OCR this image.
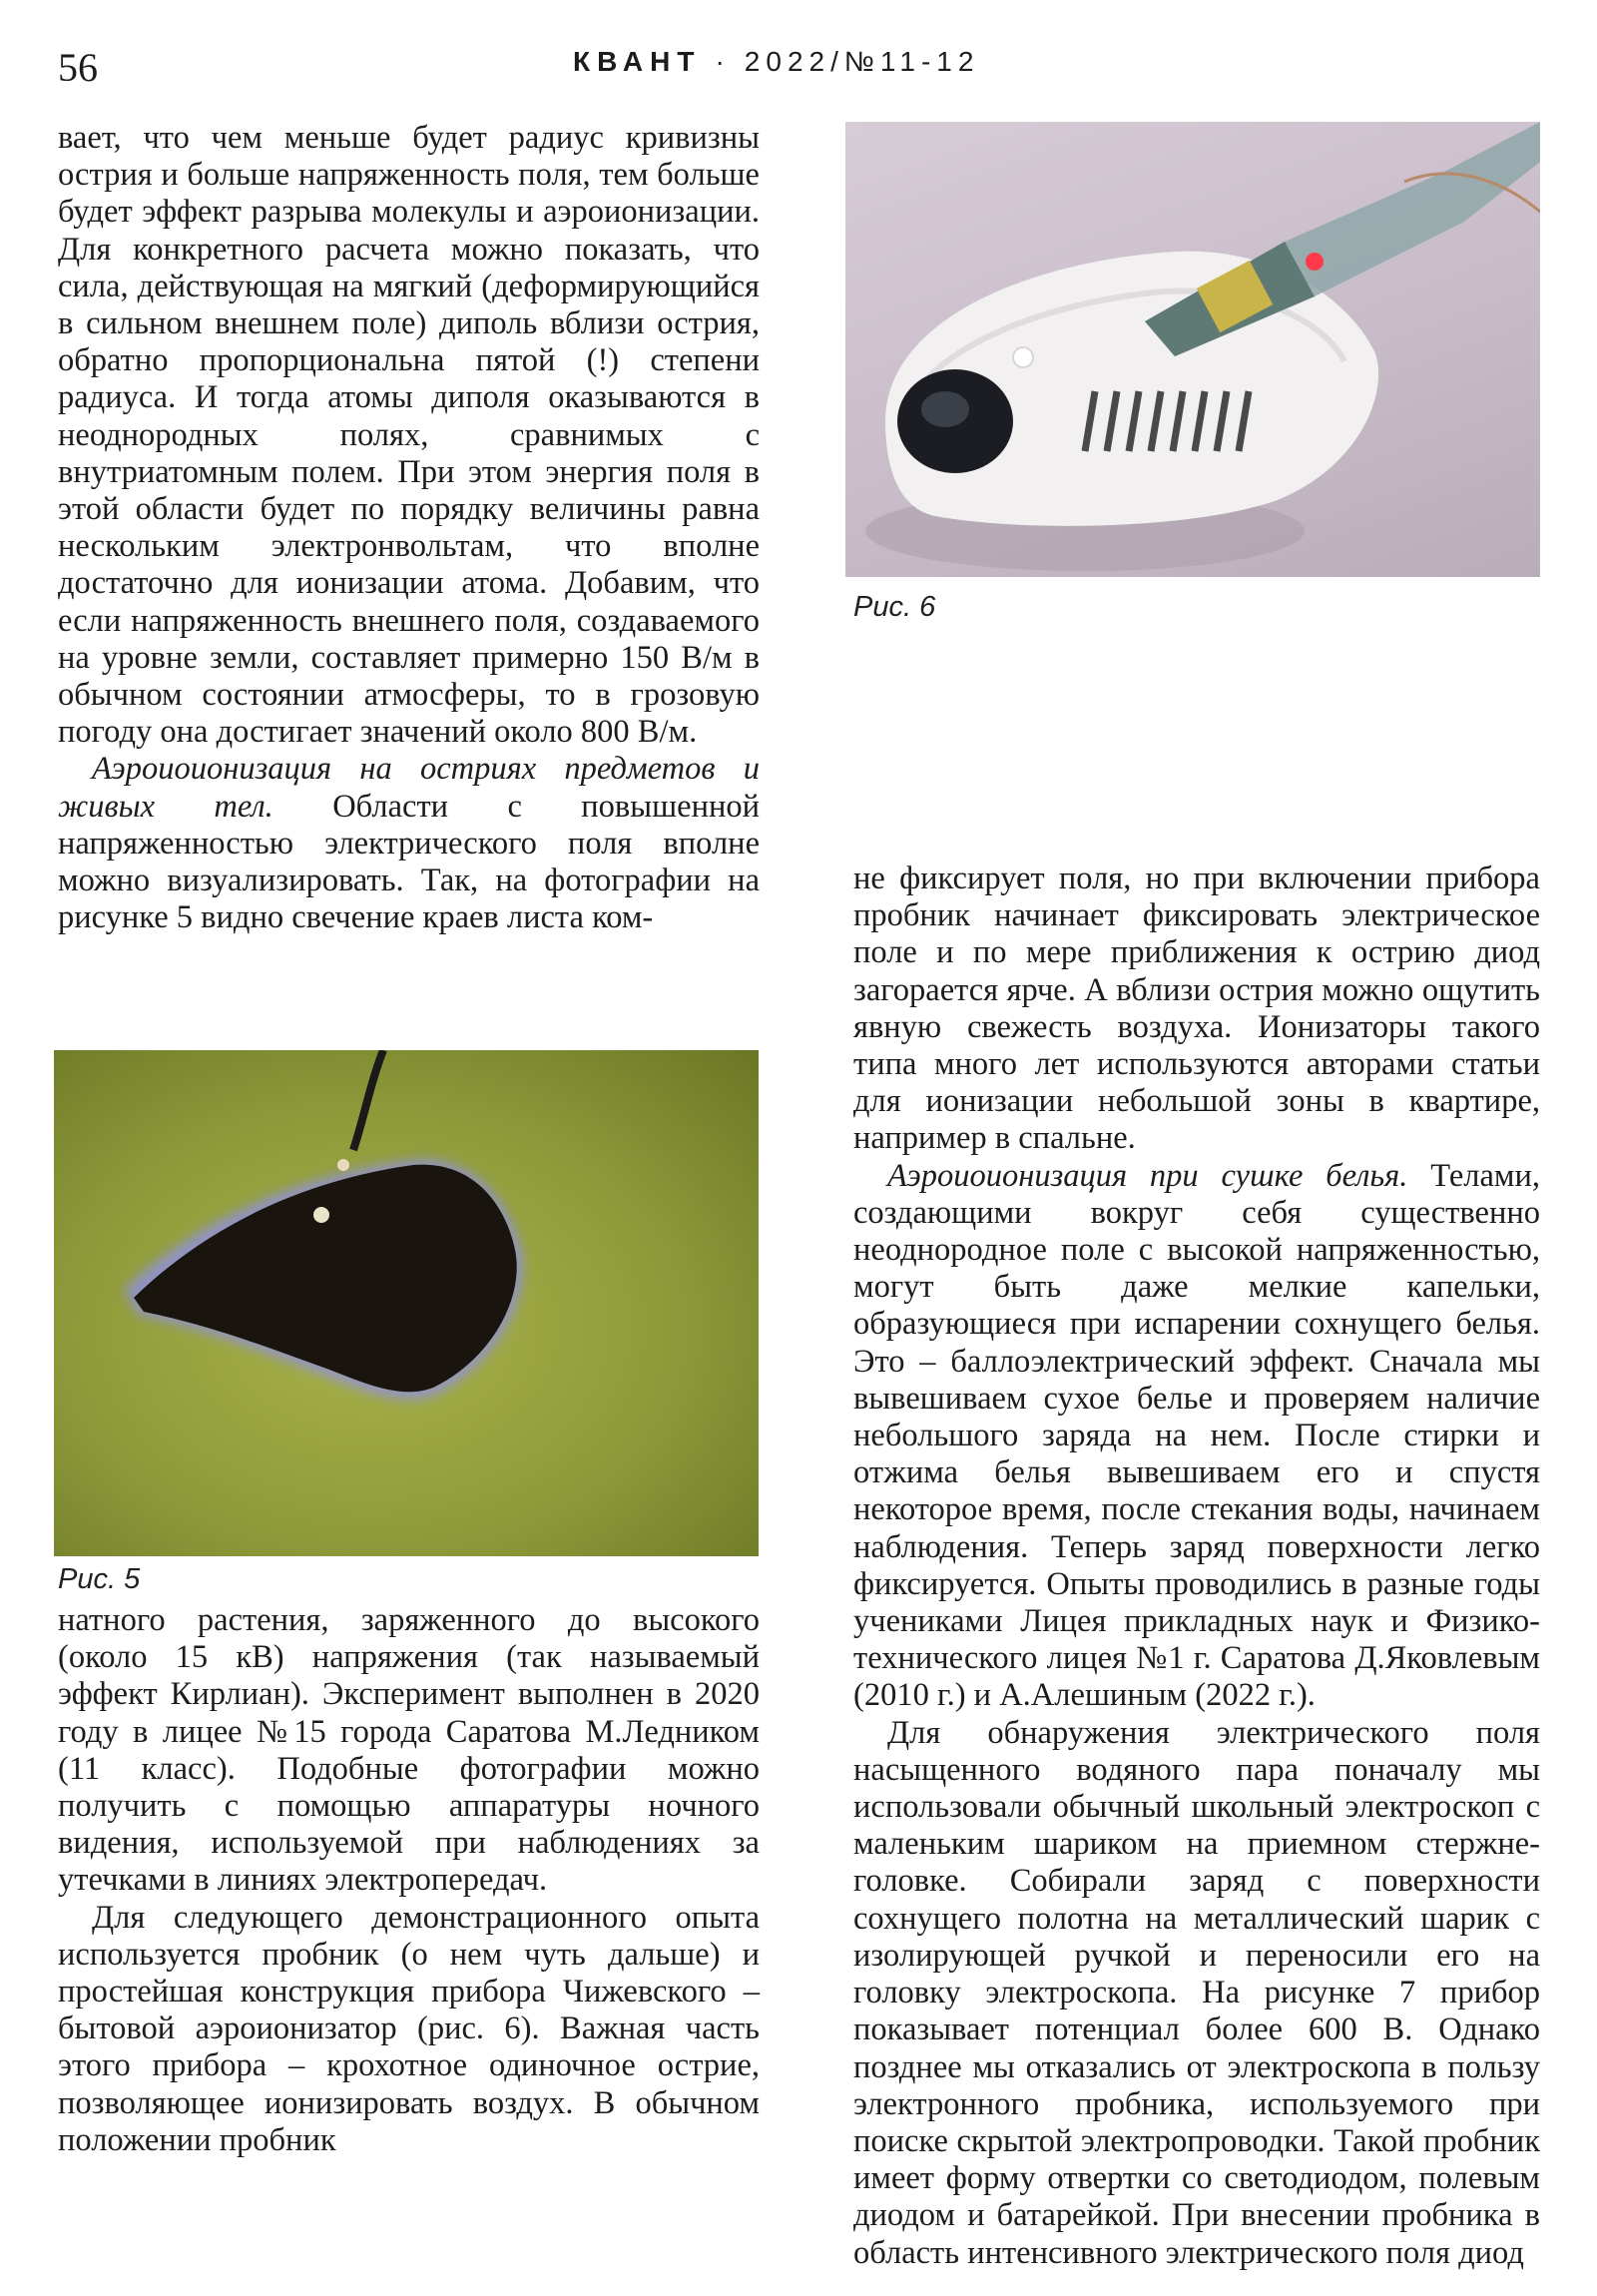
56	КВАНТ · 2022/№11-12

вает, что чем меньше будет радиус кривизны острия и больше напряженность поля, тем больше будет эффект разрыва молекулы и аэроионизации. Для конкретного расчета можно показать, что сила, действующая на мягкий (деформирующийся в сильном внешнем поле) диполь вблизи острия, обратно пропорциональна пятой (!) степени радиуса. И тогда атомы диполя оказываются в неоднородных полях, сравнимых с внутриатомным полем. При этом энергия поля в этой области будет по порядку величины равна нескольким электронвольтам, что вполне достаточно для ионизации атома. Добавим, что если напряженность внешнего поля, создаваемого на уровне земли, составляет примерно 150 В/м в обычном состоянии атмосферы, то в грозовую погоду она достигает значений около 800 В/м.

Аэроиоионизация на остриях предметов и живых тел. Области с повышенной напряженностью электрического поля вполне можно визуализировать. Так, на фотографии на рисунке 5 видно свечение краев листа ком-

Рис. 5

натного растения, заряженного до высокого (около 15 кВ) напряжения (так называемый эффект Кирлиан). Эксперимент выполнен в 2020 году в лицее №15 города Саратова М.Ледником (11 класс). Подобные фотографии можно получить с помощью аппаратуры ночного видения, используемой при наблюдениях за утечками в линиях электропередач.

Для следующего демонстрационного опыта используется пробник (о нем чуть дальше) и простейшая конструкция прибора Чижевского – бытовой аэроионизатор (рис. 6). Важная часть этого прибора – крохотное одиночное острие, позволяющее ионизировать воздух. В обычном положении пробник

Рис. 6

не фиксирует поля, но при включении прибора пробник начинает фиксировать электрическое поле и по мере приближения к острию диод загорается ярче. А вблизи острия можно ощутить явную свежесть воздуха. Ионизаторы такого типа много лет используются авторами статьи для ионизации небольшой зоны в квартире, например в спальне.

Аэроиоионизация при сушке белья. Телами, создающими вокруг себя существенно неоднородное поле с высокой напряженностью, могут быть даже мелкие капельки, образующиеся при испарении сохнущего белья. Это – баллоэлектрический эффект. Сначала мы вывешиваем сухое белье и проверяем наличие небольшого заряда на нем. После стирки и отжима белья вывешиваем его и спустя некоторое время, после стекания воды, начинаем наблюдения. Теперь заряд поверхности легко фиксируется. Опыты проводились в разные годы учениками Лицея прикладных наук и Физико-технического лицея №1 г. Саратова Д.Яковлевым (2010 г.) и А.Алешиным (2022 г.).

Для обнаружения электрического поля насыщенного водяного пара поначалу мы использовали обычный школьный электроскоп с маленьким шариком на приемном стержне-головке. Собирали заряд с поверхности сохнущего полотна на металлический шарик с изолирующей ручкой и переносили его на головку электроскопа. На рисунке 7 прибор показывает потенциал более 600 В. Однако позднее мы отказались от электроскопа в пользу электронного пробника, используемого при поиске скрытой электропроводки. Такой пробник имеет форму отвертки со светодиодом, полевым диодом и батарейкой. При внесении пробника в область интенсивного электрического поля диод
